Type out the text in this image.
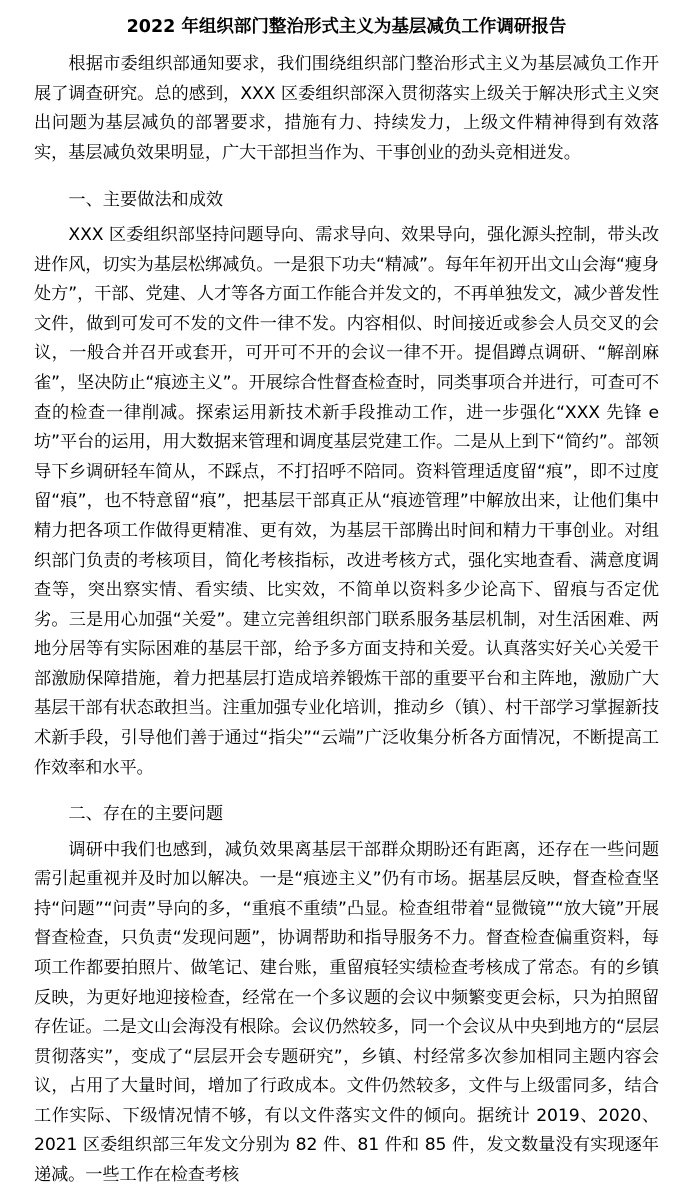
2022 年组织部门整治形式主义为基层减负工作调研报告

根据市委组织部通知要求，我们围绕组织部门整治形式主义为基层减负工作开展了调查研究。总的感到，XXX 区委组织部深入贯彻落实上级关于解决形式主义突出问题为基层减负的部署要求，措施有力、持续发力，上级文件精神得到有效落实，基层减负效果明显，广大干部担当作为、干事创业的劲头竞相迸发。

一、主要做法和成效

XXX 区委组织部坚持问题导向、需求导向、效果导向，强化源头控制，带头改进作风，切实为基层松绑减负。一是狠下功夫“精减”。每年年初开出文山会海“瘦身处方”，干部、党建、人才等各方面工作能合并发文的，不再单独发文，减少普发性文件，做到可发可不发的文件一律不发。内容相似、时间接近或参会人员交叉的会议，一般合并召开或套开，可开可不开的会议一律不开。提倡蹲点调研、“解剖麻雀”，坚决防止“痕迹主义”。开展综合性督查检查时，同类事项合并进行，可查可不查的检查一律削减。探索运用新技术新手段推动工作，进一步强化“XXX 先锋 e 坊”平台的运用，用大数据来管理和调度基层党建工作。二是从上到下“简约”。部领导下乡调研轻车简从，不踩点，不打招呼不陪同。资料管理适度留“痕”，即不过度留“痕”，也不特意留“痕”，把基层干部真正从“痕迹管理”中解放出来，让他们集中精力把各项工作做得更精准、更有效，为基层干部腾出时间和精力干事创业。对组织部门负责的考核项目，简化考核指标，改进考核方式，强化实地查看、满意度调查等，突出察实情、看实绩、比实效，不简单以资料多少论高下、留痕与否定优劣。三是用心加强“关爱”。建立完善组织部门联系服务基层机制，对生活困难、两地分居等有实际困难的基层干部，给予多方面支持和关爱。认真落实好关心关爱干部激励保障措施，着力把基层打造成培养锻炼干部的重要平台和主阵地，激励广大基层干部有状态敢担当。注重加强专业化培训，推动乡（镇）、村干部学习掌握新技术新手段，引导他们善于通过“指尖”“云端”广泛收集分析各方面情况，不断提高工作效率和水平。

二、存在的主要问题

调研中我们也感到，减负效果离基层干部群众期盼还有距离，还存在一些问题需引起重视并及时加以解决。一是“痕迹主义”仍有市场。据基层反映，督查检查坚持“问题”“问责”导向的多，“重痕不重绩”凸显。检查组带着“显微镜”“放大镜”开展督查检查，只负责“发现问题”，协调帮助和指导服务不力。督查检查偏重资料，每项工作都要拍照片、做笔记、建台账，重留痕轻实绩检查考核成了常态。有的乡镇反映，为更好地迎接检查，经常在一个多议题的会议中频繁变更会标，只为拍照留存佐证。二是文山会海没有根除。会议仍然较多，同一个会议从中央到地方的“层层贯彻落实”，变成了“层层开会专题研究”，乡镇、村经常多次参加相同主题内容会议，占用了大量时间，增加了行政成本。文件仍然较多，文件与上级雷同多，结合工作实际、下级情况情不够，有以文件落实文件的倾向。据统计 2019、2020、2021 区委组织部三年发文分别为 82 件、81 件和 85 件，发文数量没有实现逐年递减。一些工作在检查考核
